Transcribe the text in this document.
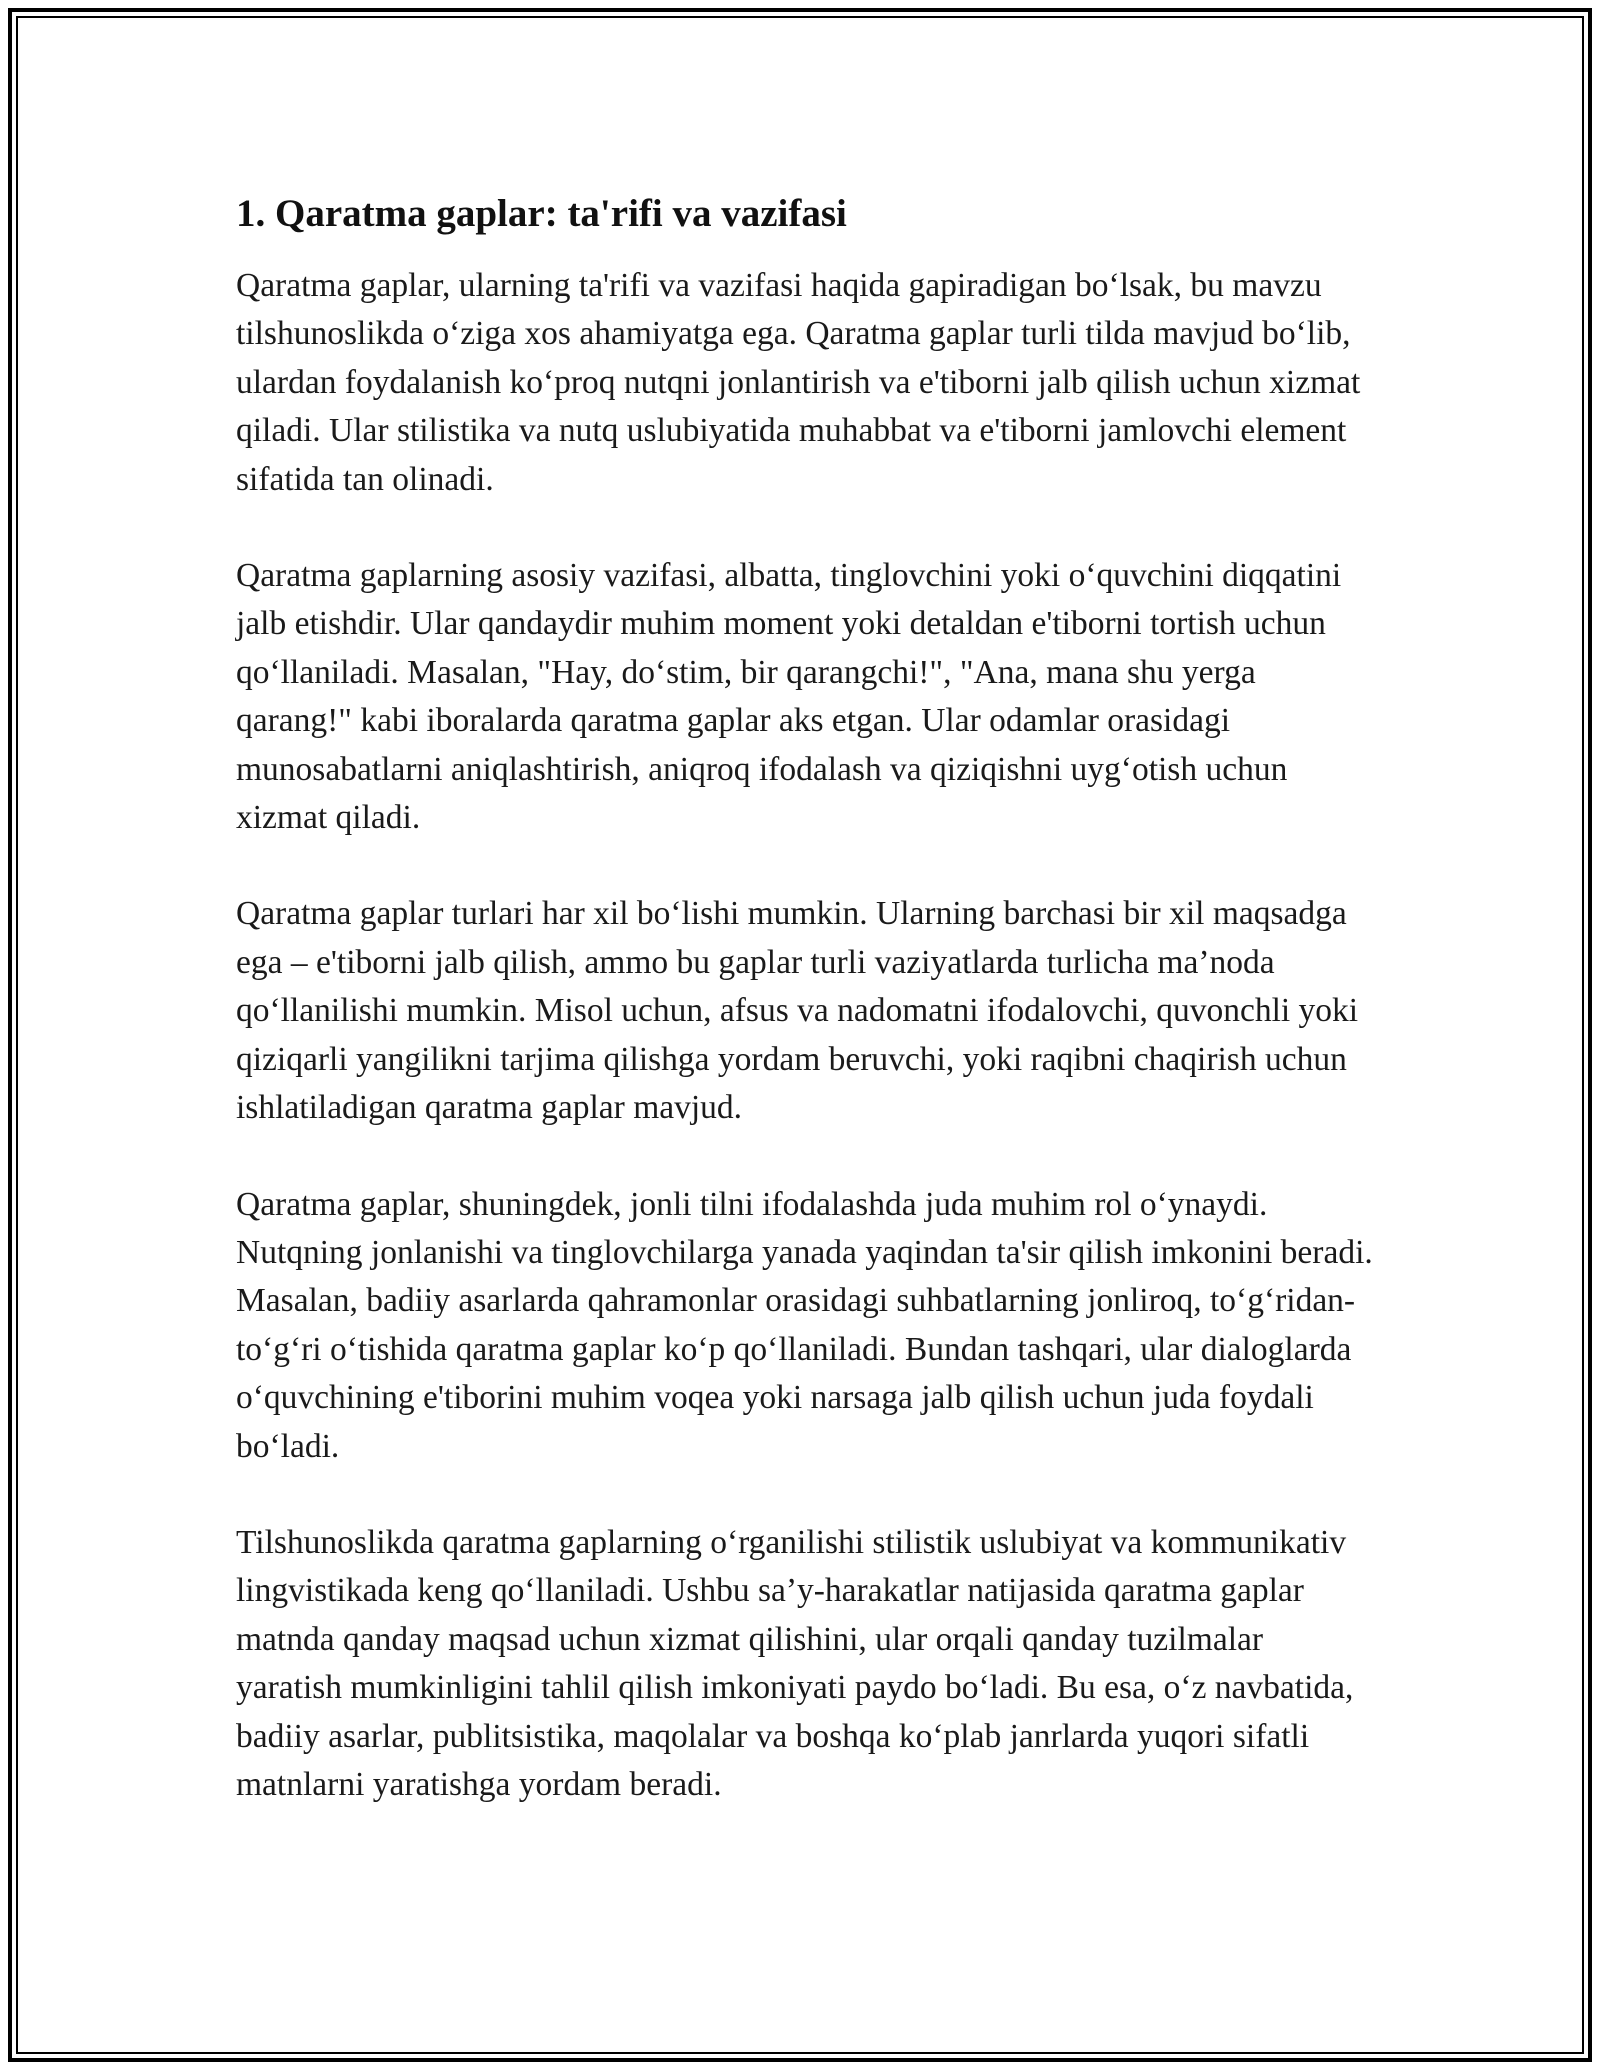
1. Qaratma gaplar: ta'rifi va vazifasi

Qaratma gaplar, ularning ta'rifi va vazifasi haqida gapiradigan bo‘lsak, bu mavzu tilshunoslikda o‘ziga xos ahamiyatga ega. Qaratma gaplar turli tilda mavjud bo‘lib, ulardan foydalanish ko‘proq nutqni jonlantirish va e'tiborni jalb qilish uchun xizmat qiladi. Ular stilistika va nutq uslubiyatida muhabbat va e'tiborni jamlovchi element sifatida tan olinadi.

Qaratma gaplarning asosiy vazifasi, albatta, tinglovchini yoki o‘quvchini diqqatini jalb etishdir. Ular qandaydir muhim moment yoki detaldan e'tiborni tortish uchun qo‘llaniladi. Masalan, "Hay, do‘stim, bir qarangchi!", "Ana, mana shu yerga qarang!" kabi iboralarda qaratma gaplar aks etgan. Ular odamlar orasidagi munosabatlarni aniqlashtirish, aniqroq ifodalash va qiziqishni uyg‘otish uchun xizmat qiladi.

Qaratma gaplar turlari har xil bo‘lishi mumkin. Ularning barchasi bir xil maqsadga ega – e'tiborni jalb qilish, ammo bu gaplar turli vaziyatlarda turlicha ma’noda qo‘llanilishi mumkin. Misol uchun, afsus va nadomatni ifodalovchi, quvonchli yoki qiziqarli yangilikni tarjima qilishga yordam beruvchi, yoki raqibni chaqirish uchun ishlatiladigan qaratma gaplar mavjud.

Qaratma gaplar, shuningdek, jonli tilni ifodalashda juda muhim rol o‘ynaydi. Nutqning jonlanishi va tinglovchilarga yanada yaqindan ta'sir qilish imkonini beradi. Masalan, badiiy asarlarda qahramonlar orasidagi suhbatlarning jonliroq, to‘g‘ridan-to‘g‘ri o‘tishida qaratma gaplar ko‘p qo‘llaniladi. Bundan tashqari, ular dialoglarda o‘quvchining e'tiborini muhim voqea yoki narsaga jalb qilish uchun juda foydali bo‘ladi.

Tilshunoslikda qaratma gaplarning o‘rganilishi stilistik uslubiyat va kommunikativ lingvistikada keng qo‘llaniladi. Ushbu sa’y-harakatlar natijasida qaratma gaplar matnda qanday maqsad uchun xizmat qilishini, ular orqali qanday tuzilmalar yaratish mumkinligini tahlil qilish imkoniyati paydo bo‘ladi. Bu esa, o‘z navbatida, badiiy asarlar, publitsistika, maqolalar va boshqa ko‘plab janrlarda yuqori sifatli matnlarni yaratishga yordam beradi.
